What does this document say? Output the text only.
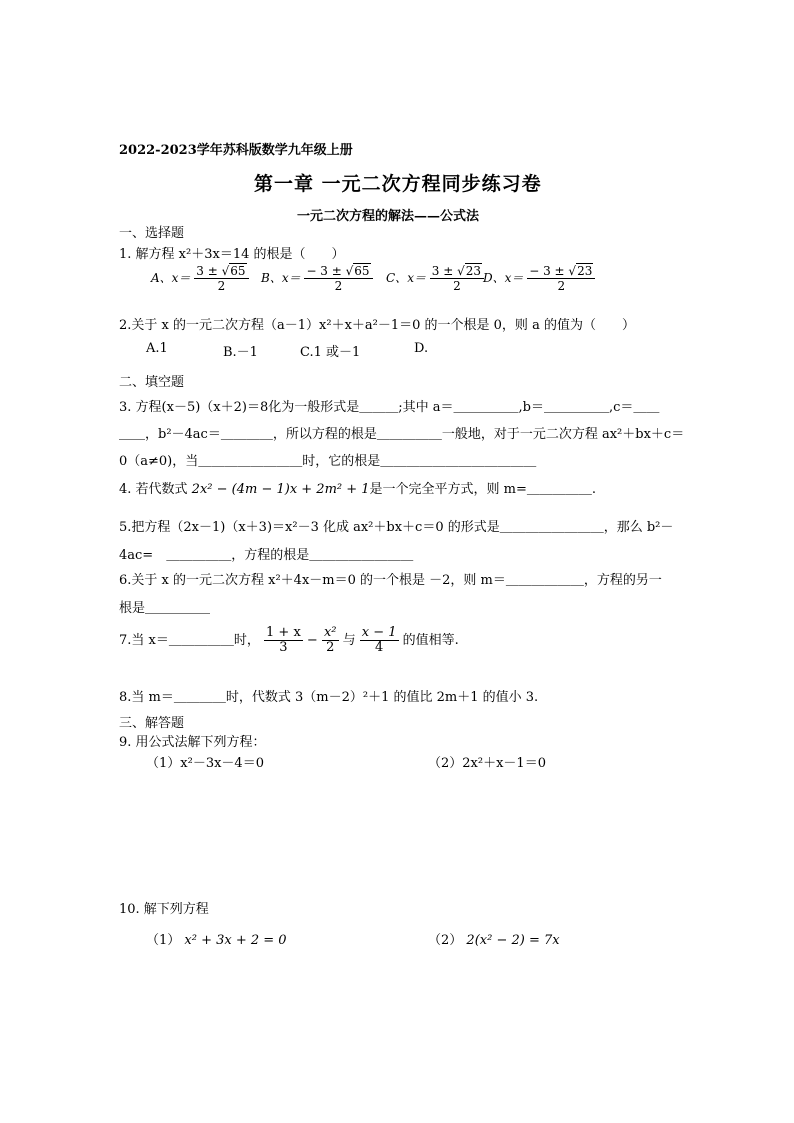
2022-2023学年苏科版数学九年级上册
第一章 一元二次方程同步练习卷
一元二次方程的解法——公式法
一、选择题
1. 解方程 x²＋3x＝14 的根是（　　）
A、$x= \frac{3 \pm √65}{2}$ B、$x= \frac{- 3 \pm √65}{2}$ C、$x= \frac{3 \pm √23}{2}$
D、$x= \frac{- 3 \pm √23}{2}$
2.关于 x 的一元二次方程（a－1）x²＋x＋a²－1＝0 的一个根是 0，则 a 的值为（　　）
A.1	B.－1	C.1 或－1	D.
二、填空题
3. 方程(x－5)（x＋2)＝8化为一般形式是＿＿＿;其中 a＝＿＿＿＿＿,b＝＿＿＿＿＿,c＝＿＿
＿＿，b²－4ac＝＿＿＿＿，所以方程的根是＿＿＿＿＿一般地，对于一元二次方程 ax²＋bx＋c＝
0（a≠0)，当＿＿＿＿＿＿＿＿时，它的根是＿＿＿＿＿＿＿＿＿＿＿＿
4. 若代数式 2x² − (4m − 1)x + 2m² + 1是一个完全平方式，则 m=＿＿＿＿＿.
5.把方程（2x－1)（x＋3)＝x²－3 化成 ax²＋bx＋c＝0 的形式是＿＿＿＿＿＿＿＿，那么 b²－
4ac=　＿＿＿＿＿，方程的根是＿＿＿＿＿＿＿＿
6.关于 x 的一元二次方程 x²＋4x－m＝0 的一个根是 －2，则 m＝＿＿＿＿＿＿，方程的另一
根是＿＿＿＿＿
7.当 x＝＿＿＿＿＿时， $\frac{1 + x}{3} - \frac{\text{x²}}{2}$ 与 $\frac{x - 1}{4}$ 的值相等.
8.当 m＝＿＿＿＿时，代数式 3（m－2）²＋1 的值比 2m＋1 的值小 3.
三、解答题
9. 用公式法解下列方程：
（1）x²－3x－4＝0	（2）2x²＋x－1＝0
10. 解下列方程
（1） x² + 3x + 2 = 0	（2） 2(x² − 2) = 7x
